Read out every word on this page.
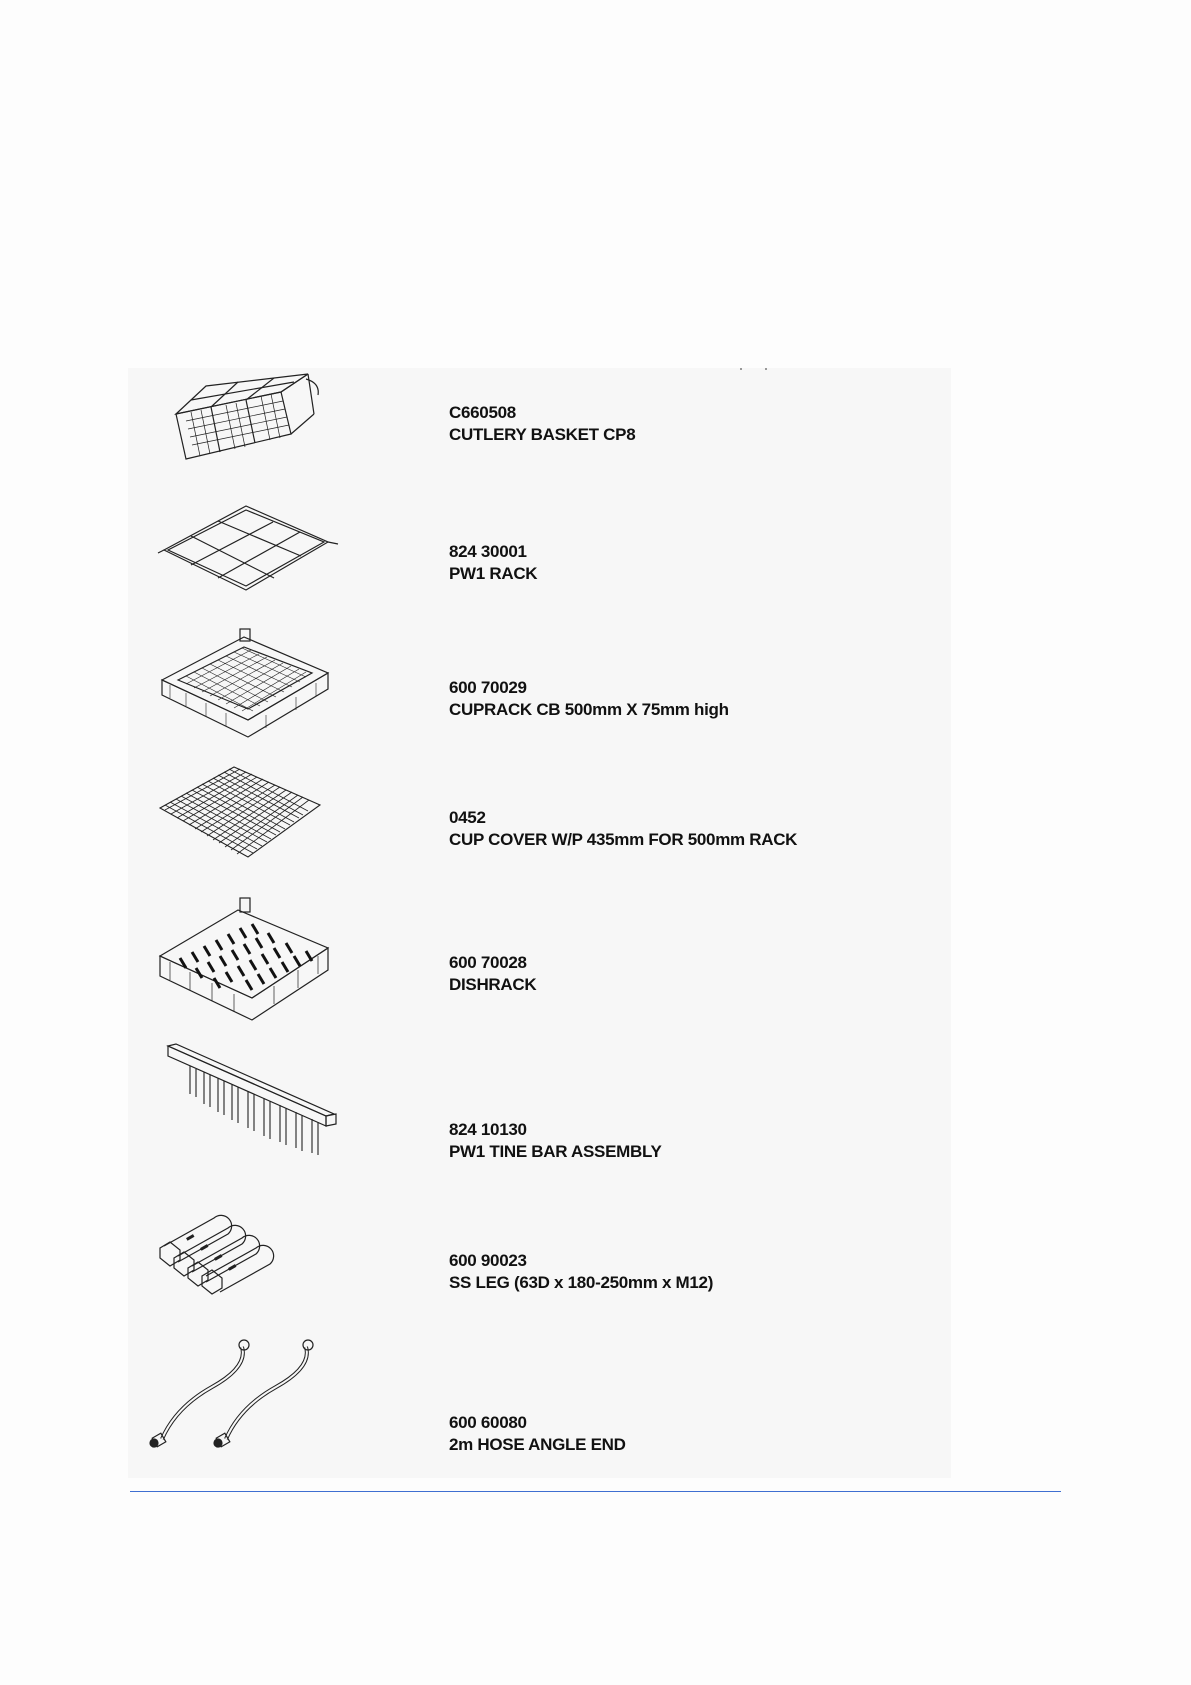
C660508
CUTLERY BASKET CP8
824 30001
PW1 RACK
600 70029
CUPRACK CB 500mm X 75mm high
0452
CUP COVER W/P 435mm FOR 500mm RACK
600 70028
DISHRACK
824 10130
PW1 TINE BAR ASSEMBLY
600 90023
SS LEG (63D x 180-250mm x M12)
600 60080
2m HOSE ANGLE END
